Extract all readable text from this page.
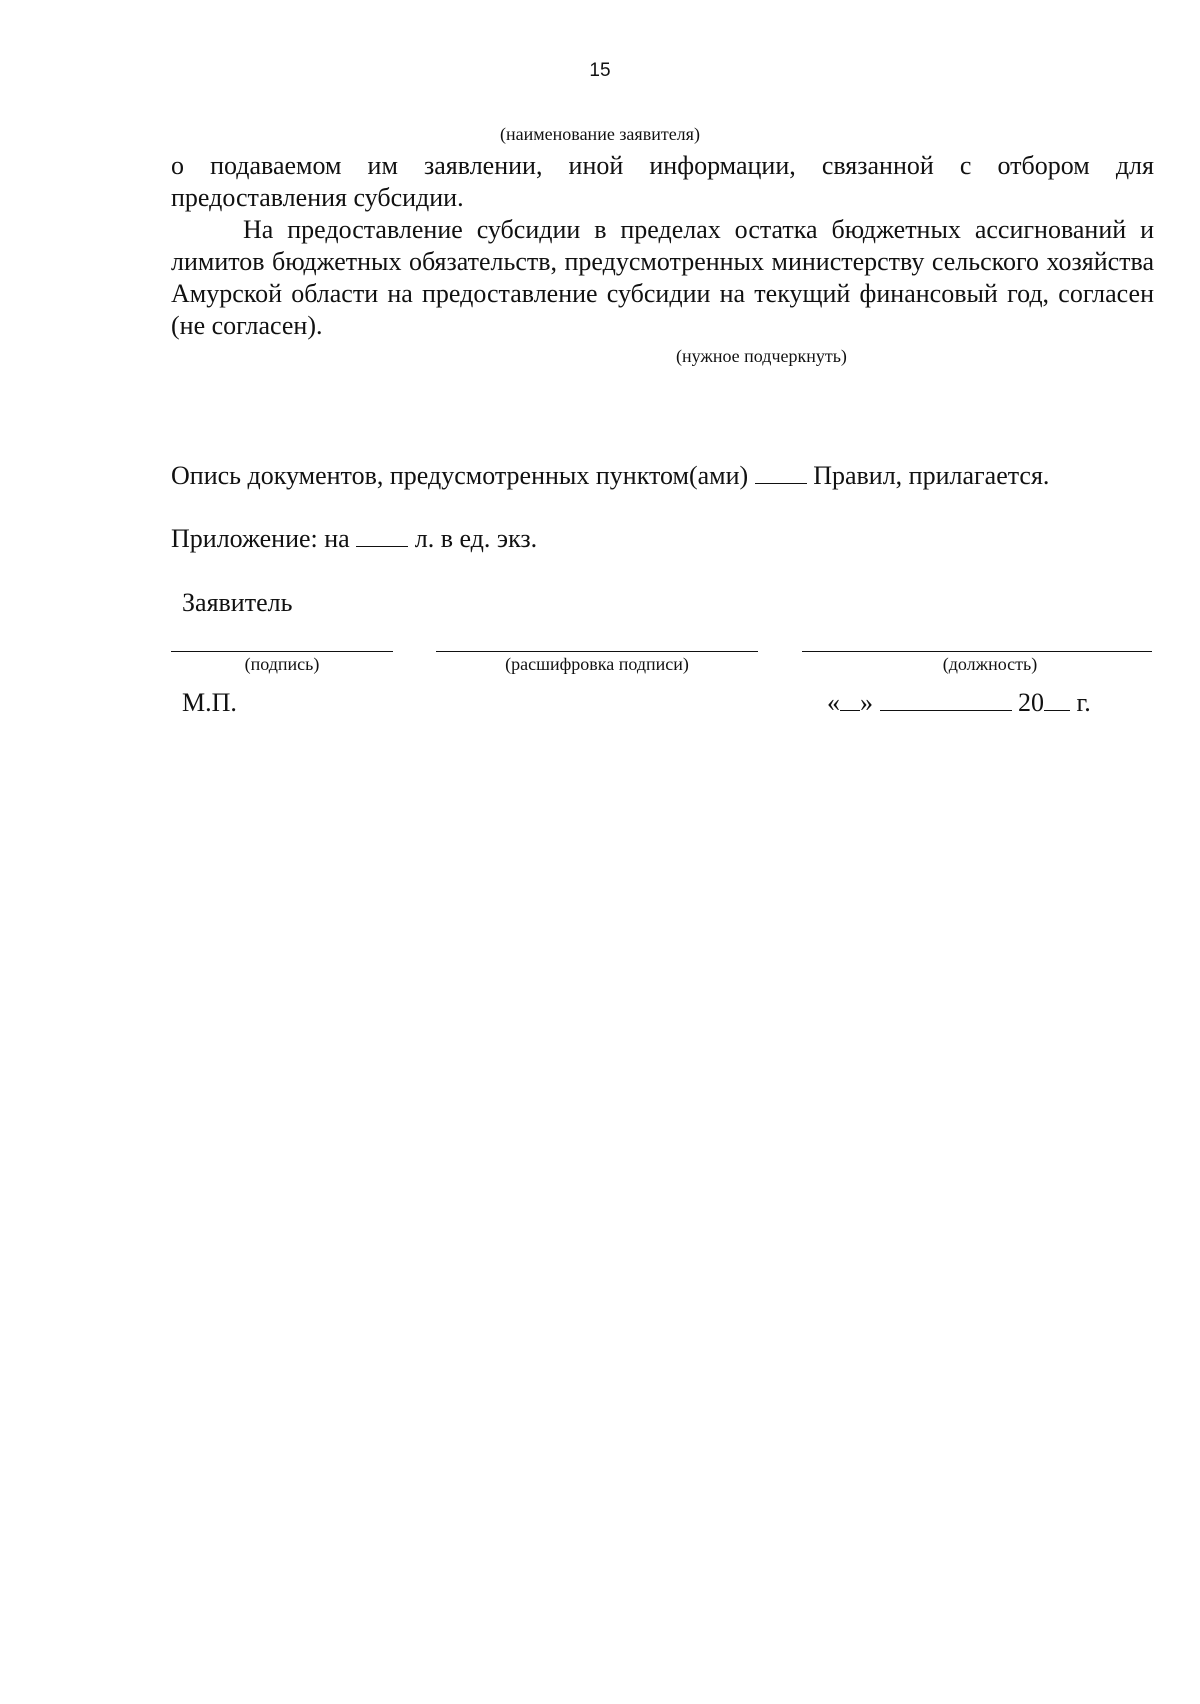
15
(наименование заявителя)

о подаваемом им заявлении, иной информации, связанной с отбором для предоставления субсидии.

На предоставление субсидии в пределах остатка бюджетных ассигнований и лимитов бюджетных обязательств, предусмотренных министерству сельского хозяйства Амурской области на предоставление субсидии на текущий финансовый год, согласен (не согласен).

(нужное подчеркнуть)

Опись документов, предусмотренных пунктом(ами)	Правил, прилагается.

Приложение: на	л. в ед. экз.

Заявитель

(подпись)	(расшифровка подписи)	(должность)

М.П.	« »	20 г.
